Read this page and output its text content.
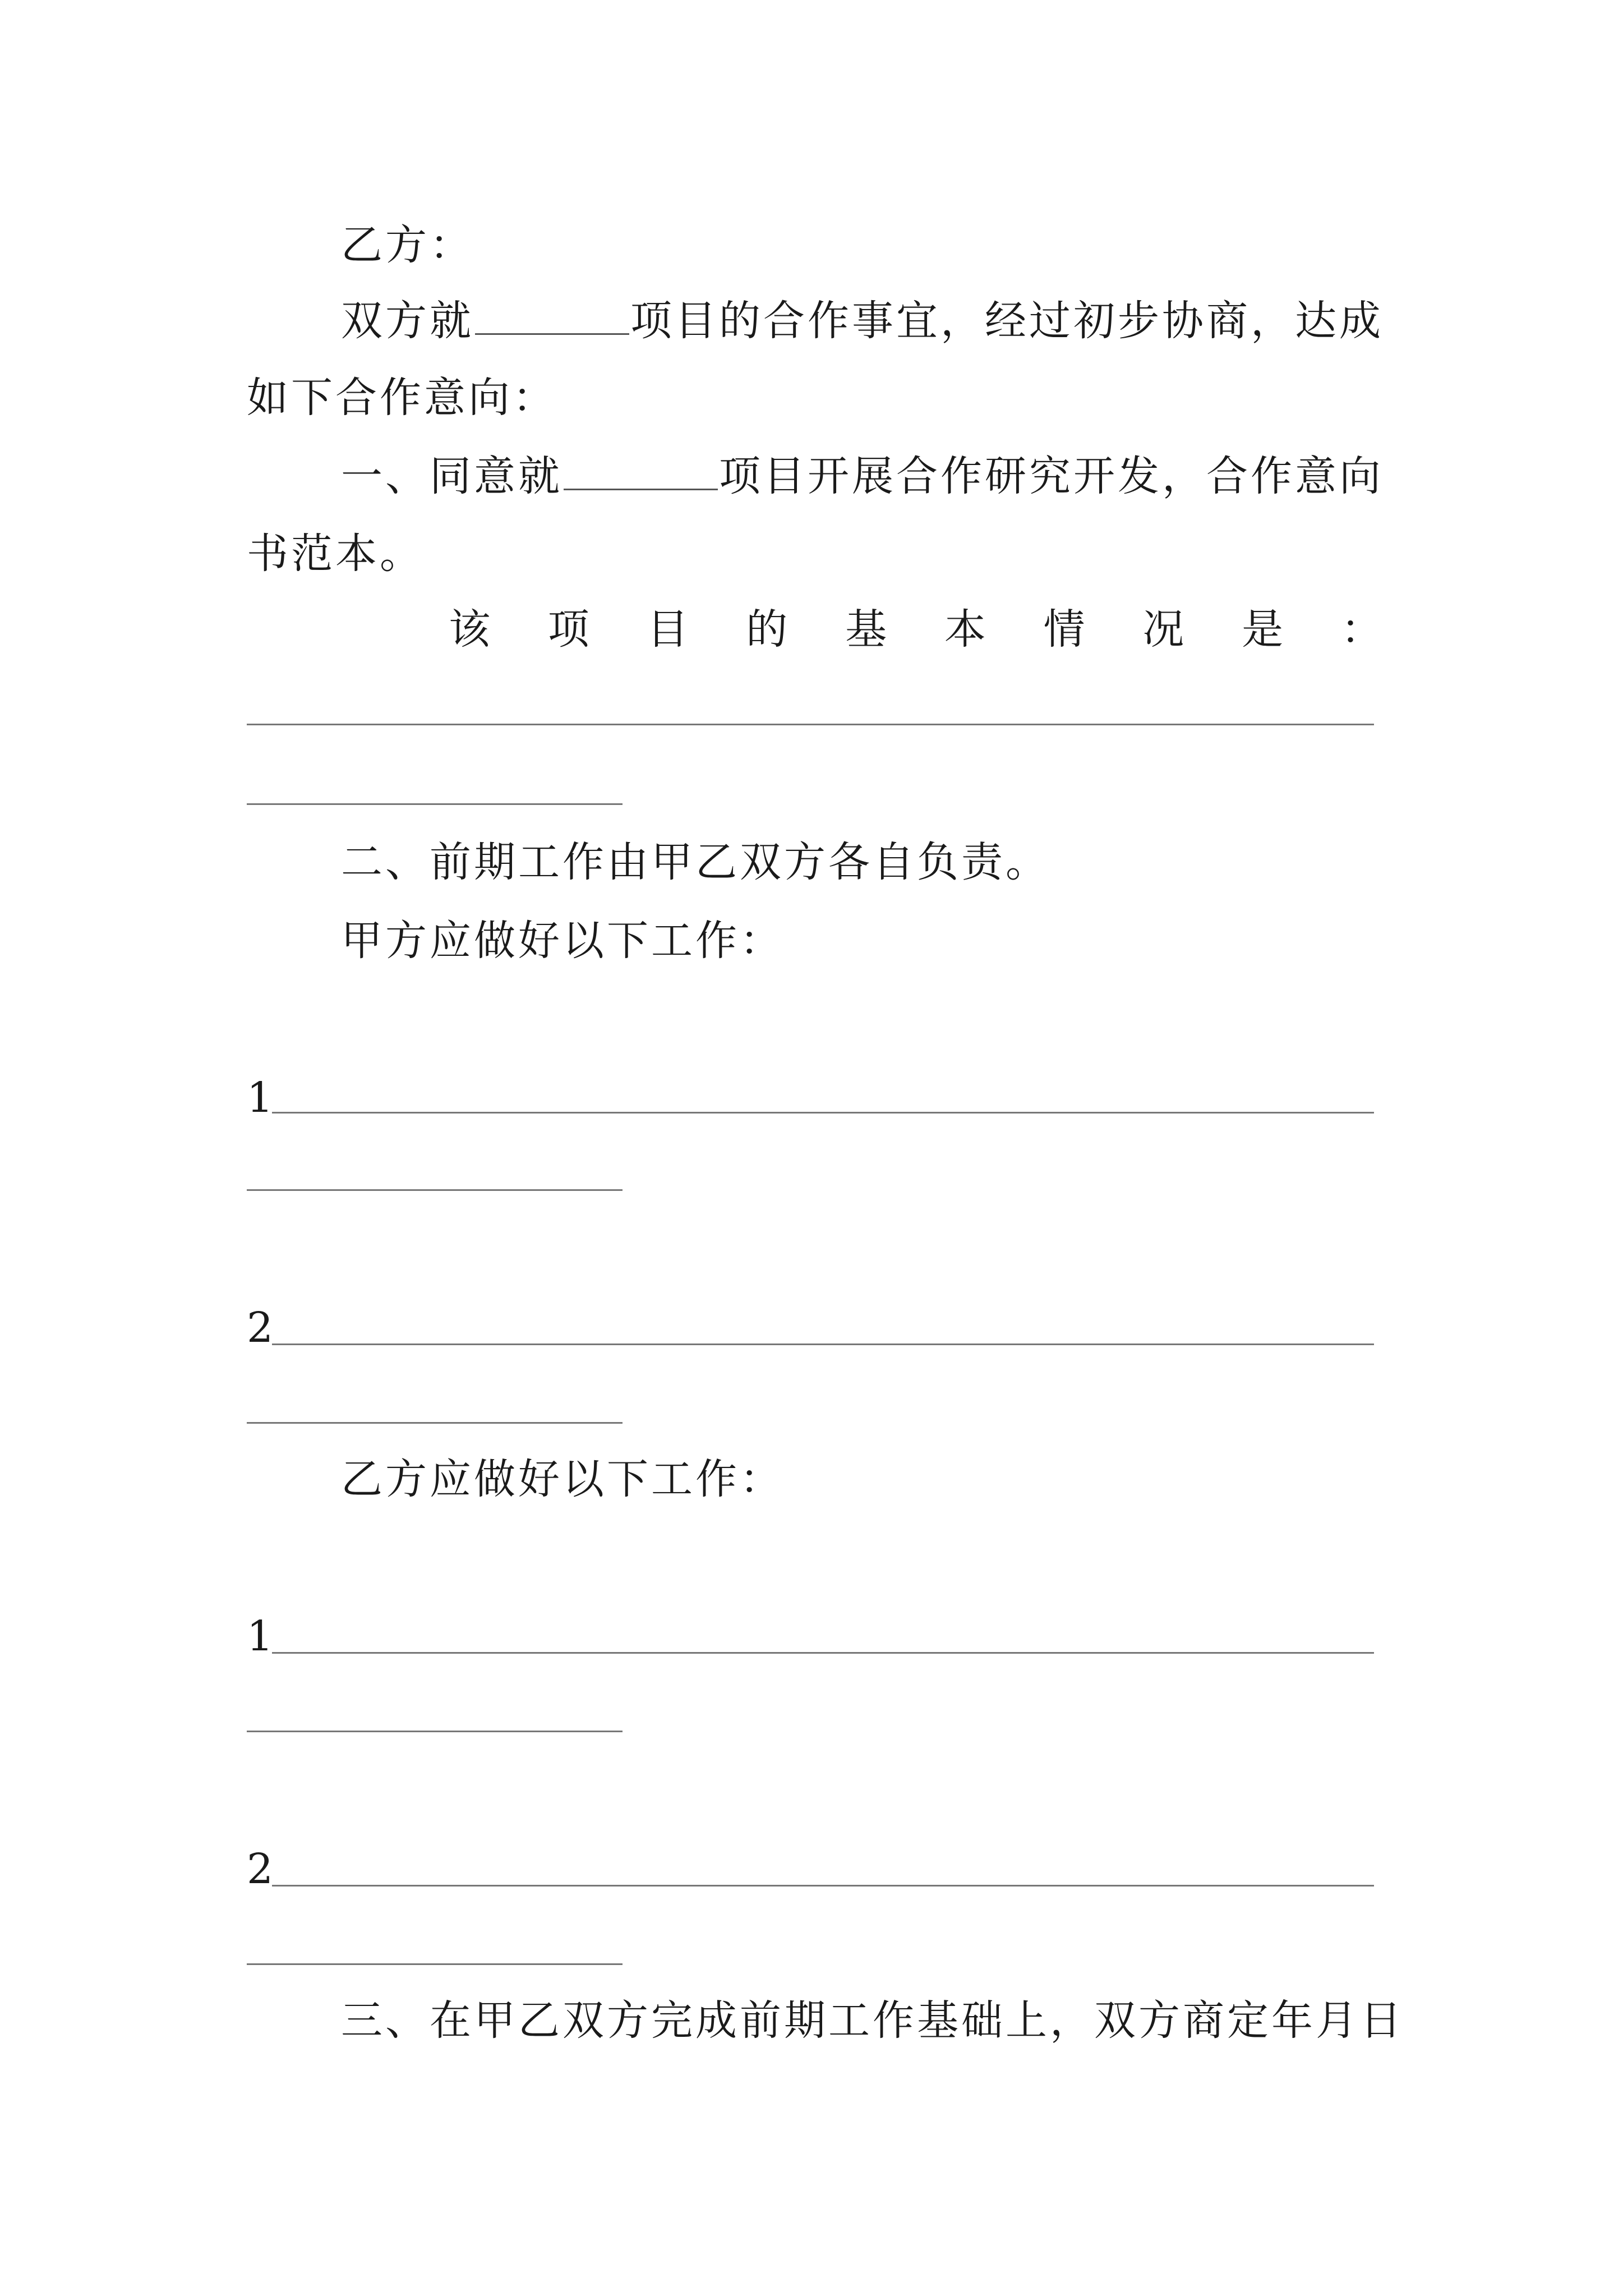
乙方：

双方就	项目的合作事宜，经过初步协商，达成

如下合作意向：

一、同意就	项目开展合作研究开发，合作意向

书范本。

该 项 目 的 基 本 情 况 是 ：

二、前期工作由甲乙双方各自负责。

甲方应做好以下工作：

1
2

乙方应做好以下工作：

1
2

三、在甲乙双方完成前期工作基础上，双方商定年月日
